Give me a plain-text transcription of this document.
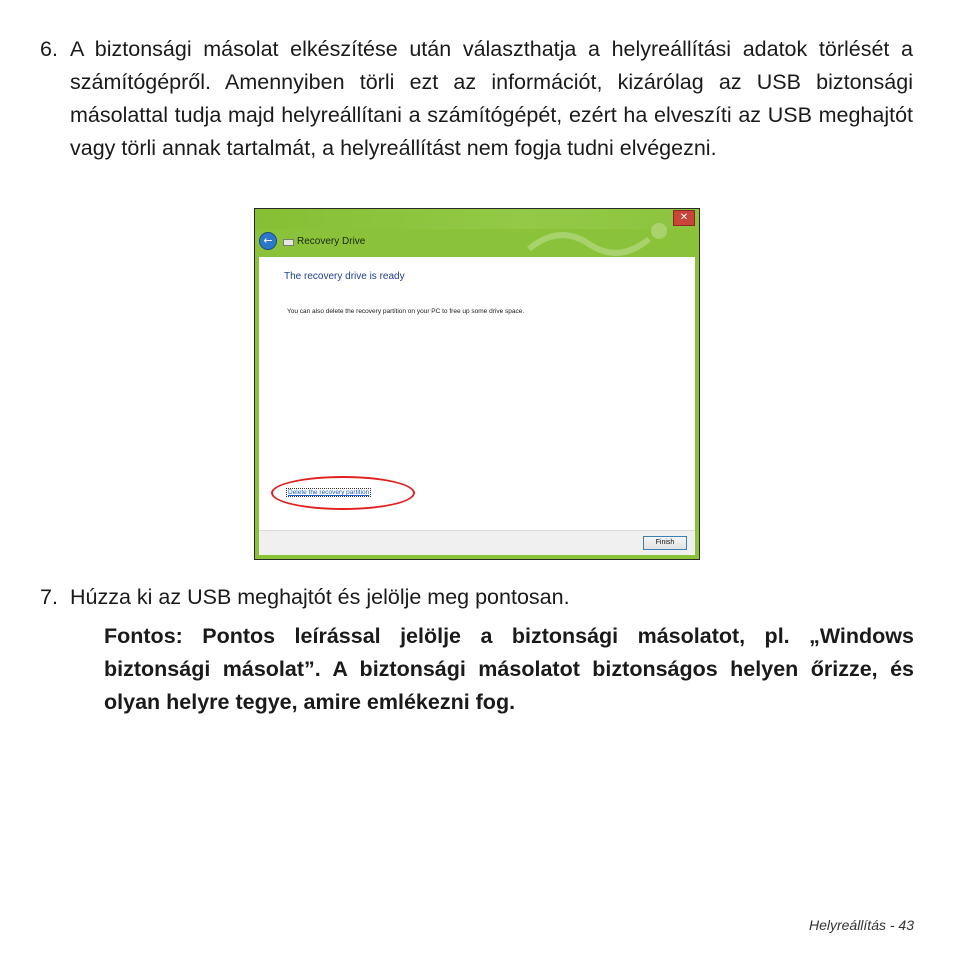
6. A biztonsági másolat elkészítése után választhatja a helyreállítási adatok törlését a számítógépről. Amennyiben törli ezt az információt, kizárólag az USB biztonsági másolattal tudja majd helyreállítani a számítógépét, ezért ha elveszíti az USB meghajtót vagy törli annak tartalmát, a helyreállítást nem fogja tudni elvégezni.
✕
←	Recovery Drive
The recovery drive is ready
You can also delete the recovery partition on your PC to free up some drive space.
Delete the recovery partition
Finish
7. Húzza ki az USB meghajtót és jelölje meg pontosan.
Fontos: Pontos leírással jelölje a biztonsági másolatot, pl. „Windows biztonsági másolat”. A biztonsági másolatot biztonságos helyen őrizze, és olyan helyre tegye, amire emlékezni fog.
Helyreállítás - 43
